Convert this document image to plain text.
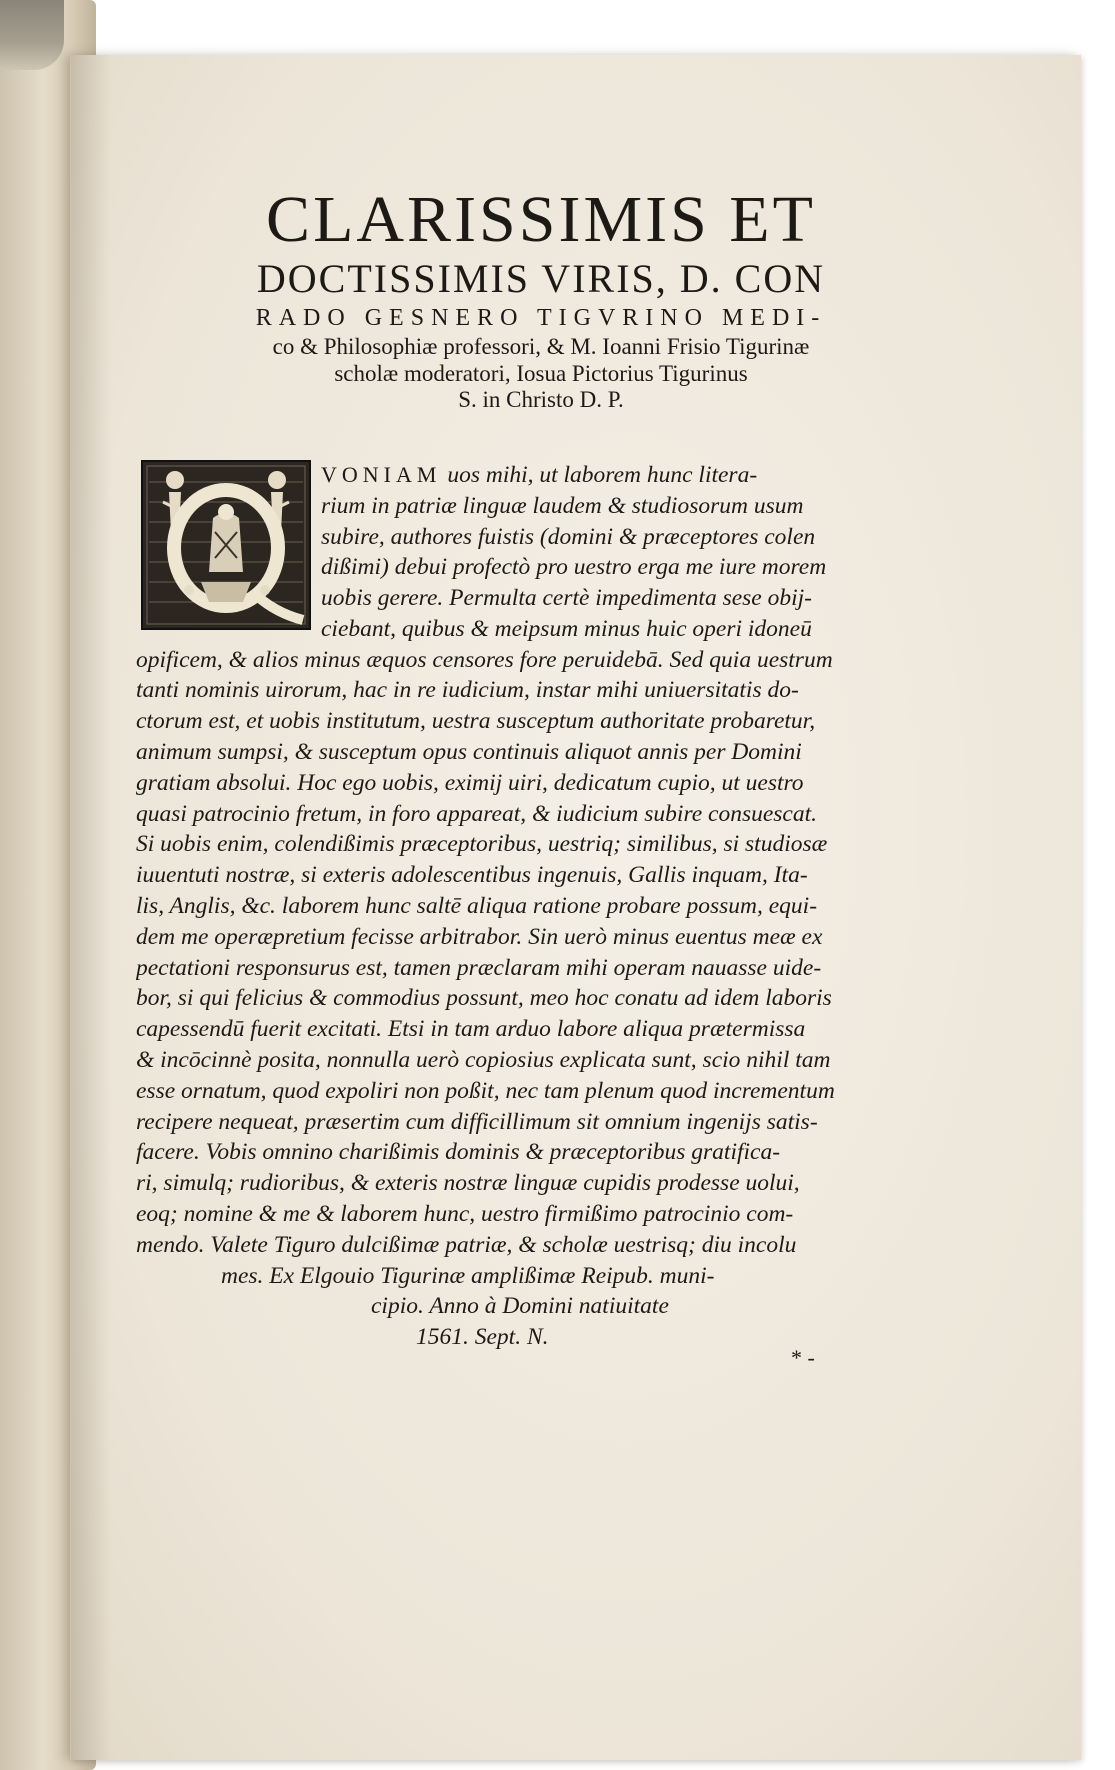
CLARISSIMIS ET
DOCTISSIMIS VIRIS, D. CON
RADO GESNERO TIGVRINO MEDI-
co & Philosophiæ professori, & M. Ioanni Frisio Tigurinæ
scholæ moderatori, Iosua Pictorius Tigurinus
S. in Christo D. P.
VONIAM uos mihi, ut laborem hunc litera-
rium in patriæ linguæ laudem & studiosorum usum
subire, authores fuistis (domini & præceptores colen
dißimi) debui profectò pro uestro erga me iure morem
uobis gerere. Permulta certè impedimenta sese obij-
ciebant, quibus & meipsum minus huic operi idoneū
opificem, & alios minus æquos censores fore peruidebā. Sed quia uestrum
tanti nominis uirorum, hac in re iudicium, instar mihi uniuersitatis do-
ctorum est, et uobis institutum, uestra susceptum authoritate probaretur,
animum sumpsi, & susceptum opus continuis aliquot annis per Domini
gratiam absolui. Hoc ego uobis, eximij uiri, dedicatum cupio, ut uestro
quasi patrocinio fretum, in foro appareat, & iudicium subire consuescat.
Si uobis enim, colendißimis præceptoribus, uestriq; similibus, si studiosæ
iuuentuti nostræ, si exteris adolescentibus ingenuis, Gallis inquam, Ita-
lis, Anglis, &c. laborem hunc saltē aliqua ratione probare possum, equi-
dem me operæpretium fecisse arbitrabor. Sin uerò minus euentus meæ ex
pectationi responsurus est, tamen præclaram mihi operam nauasse uide-
bor, si qui felicius & commodius possunt, meo hoc conatu ad idem laboris
capessendū fuerit excitati. Etsi in tam arduo labore aliqua prætermissa
& incōcinnè posita, nonnulla uerò copiosius explicata sunt, scio nihil tam
esse ornatum, quod expoliri non poßit, nec tam plenum quod incrementum
recipere nequeat, præsertim cum difficillimum sit omnium ingenijs satis-
facere. Vobis omnino charißimis dominis & præceptoribus gratifica-
ri, simulq; rudioribus, & exteris nostræ linguæ cupidis prodesse uolui,
eoq; nomine & me & laborem hunc, uestro firmißimo patrocinio com-
mendo. Valete Tiguro dulcißimæ patriæ, & scholæ uestrisq; diu incolu
mes. Ex Elgouio Tigurinæ amplißimæ Reipub. muni-
cipio. Anno à Domini natiuitate
1561. Sept. N.
* -
